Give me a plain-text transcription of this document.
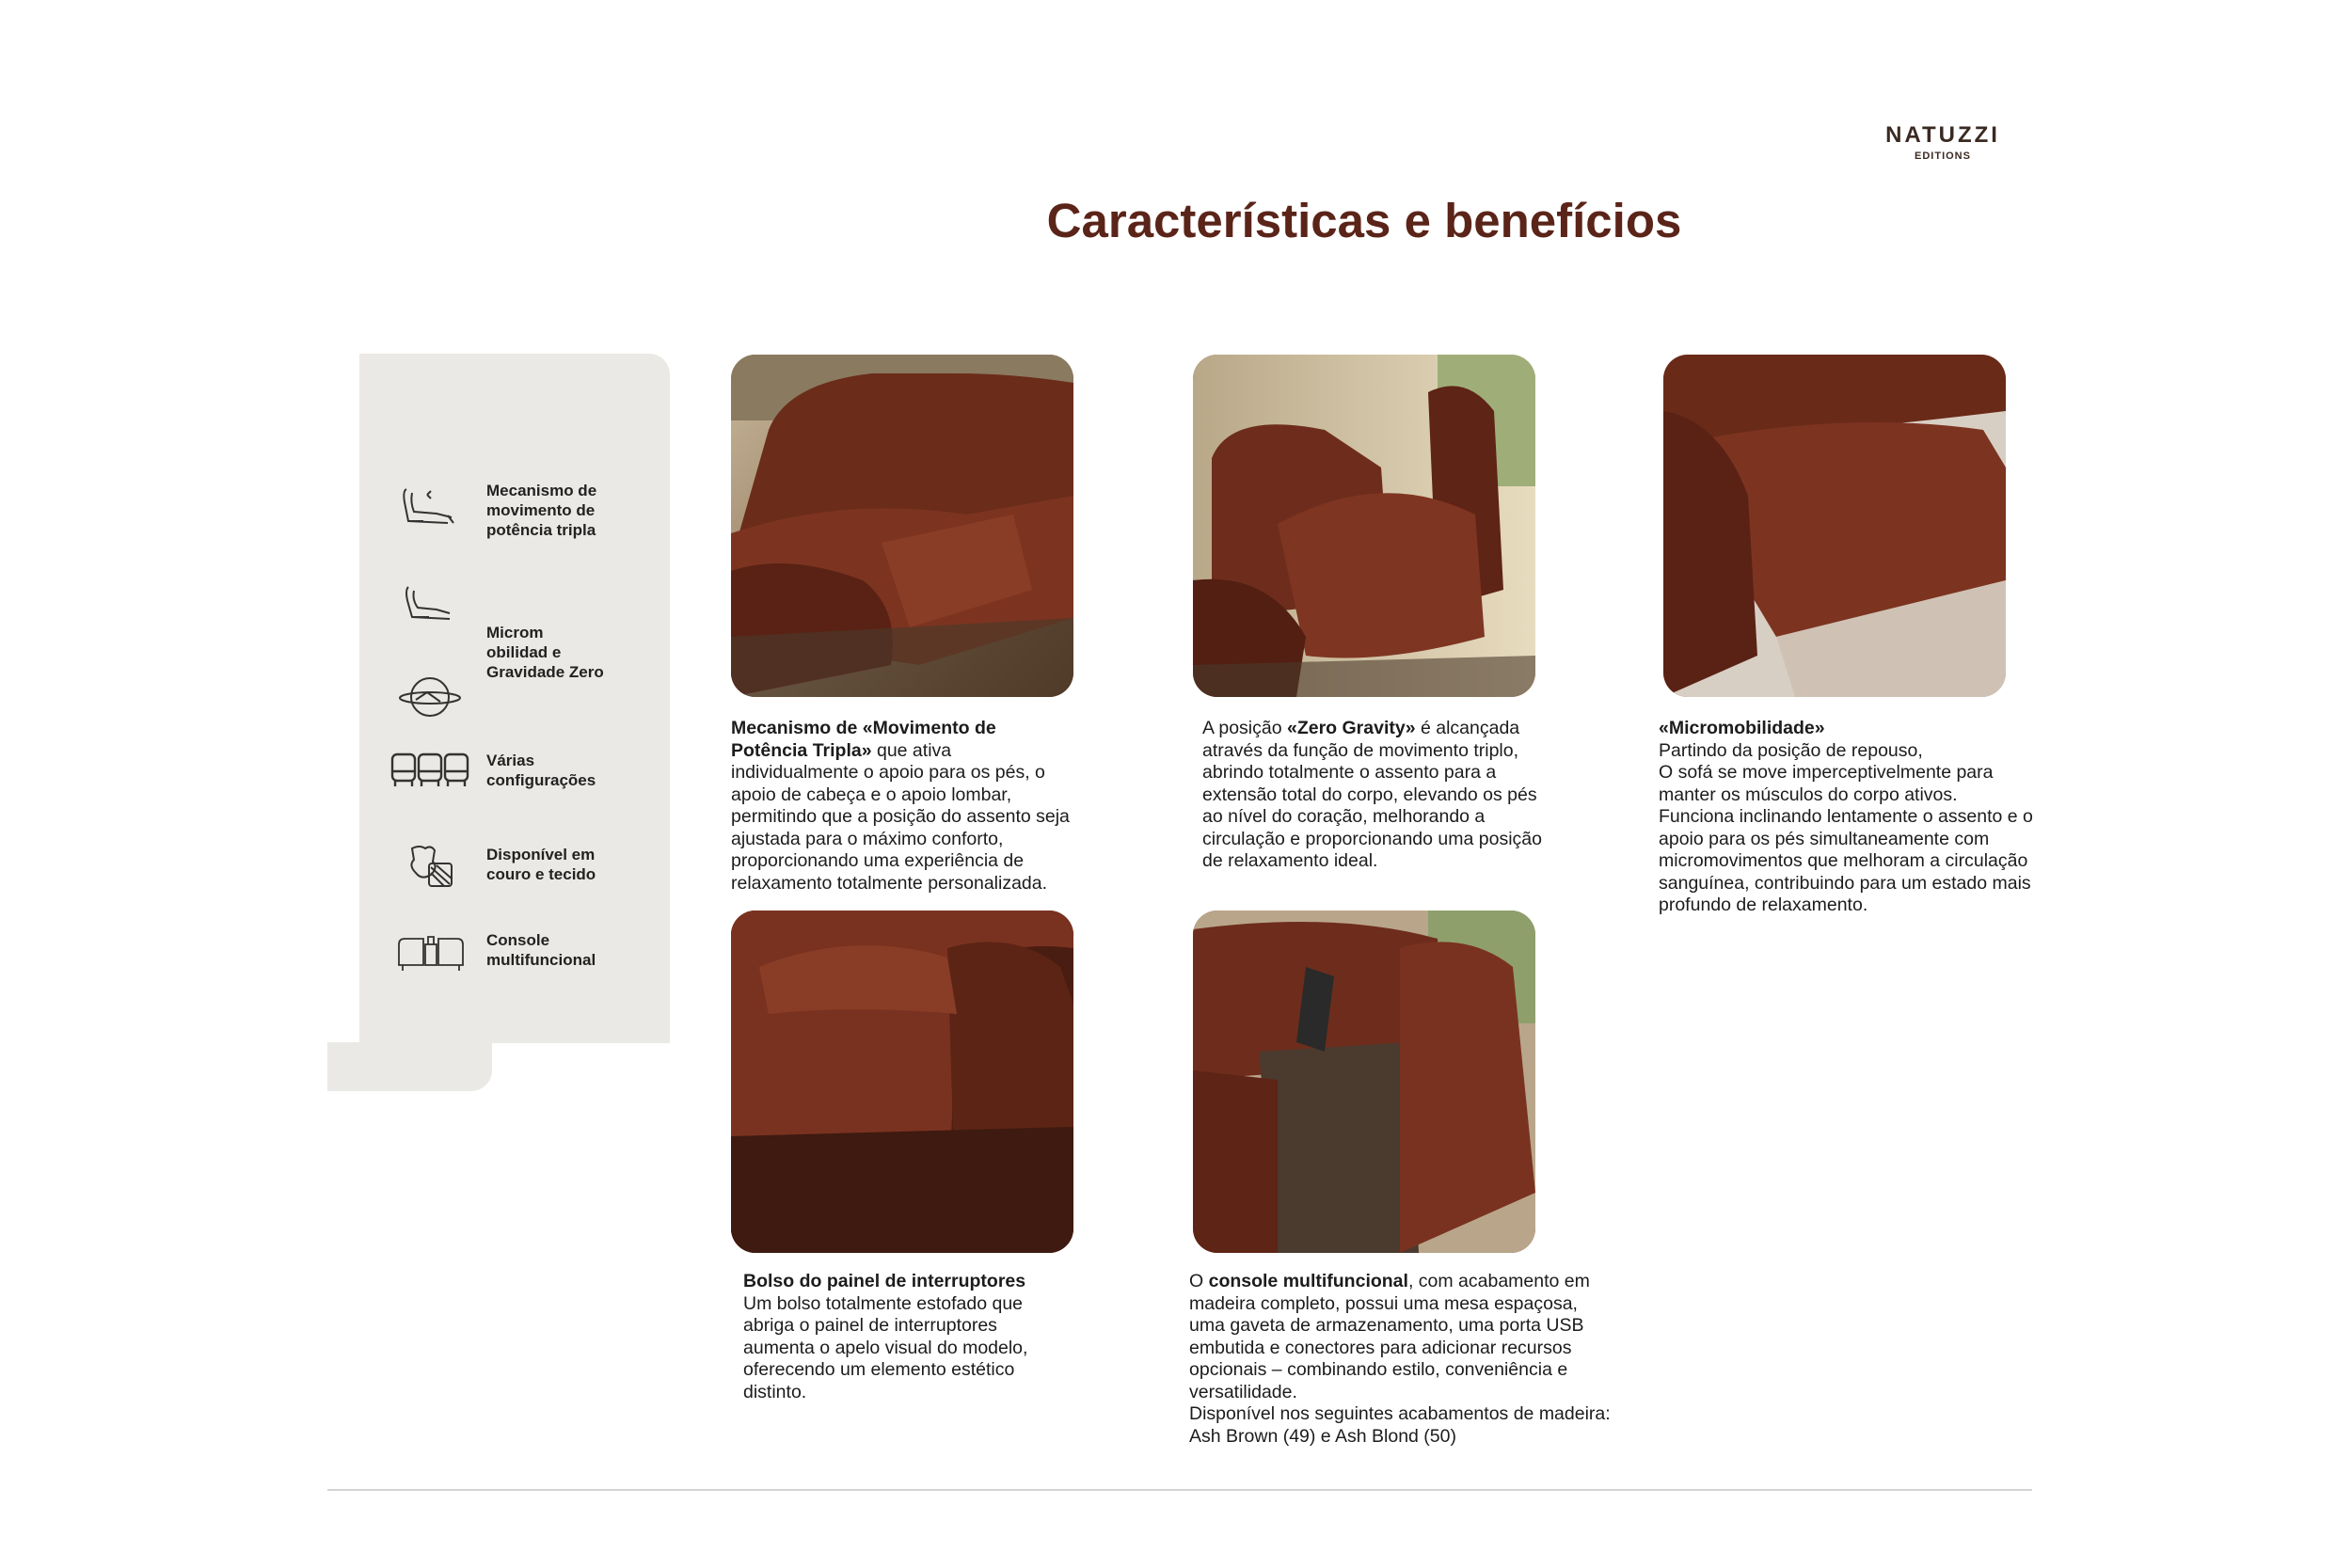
NATUZZI
EDITIONS
Características e benefícios
Mecanismo de movimento de potência tripla
Microm obilidad e Gravidade Zero
Várias configurações
Disponível em couro e tecido
Console multifuncional
Mecanismo de «Movimento de Potência Tripla» que ativa individualmente o apoio para os pés, o apoio de cabeça e o apoio lombar, permitindo que a posição do assento seja ajustada para o máximo conforto, proporcionando uma experiência de relaxamento totalmente personalizada.
A posição «Zero Gravity» é alcançada através da função de movimento triplo, abrindo totalmente o assento para a extensão total do corpo, elevando os pés ao nível do coração, melhorando a circulação e proporcionando uma posição de relaxamento ideal.
«Micromobilidade»
Partindo da posição de repouso,
O sofá se move imperceptivelmente para manter os músculos do corpo ativos. Funciona inclinando lentamente o assento e o apoio para os pés simultaneamente com micromovimentos que melhoram a circulação sanguínea, contribuindo para um estado mais profundo de relaxamento.
Bolso do painel de interruptores
Um bolso totalmente estofado que abriga o painel de interruptores aumenta o apelo visual do modelo, oferecendo um elemento estético distinto.
O console multifuncional, com acabamento em madeira completo, possui uma mesa espaçosa, uma gaveta de armazenamento, uma porta USB embutida e conectores para adicionar recursos opcionais – combinando estilo, conveniência e versatilidade.
Disponível nos seguintes acabamentos de madeira: Ash Brown (49) e Ash Blond (50)
